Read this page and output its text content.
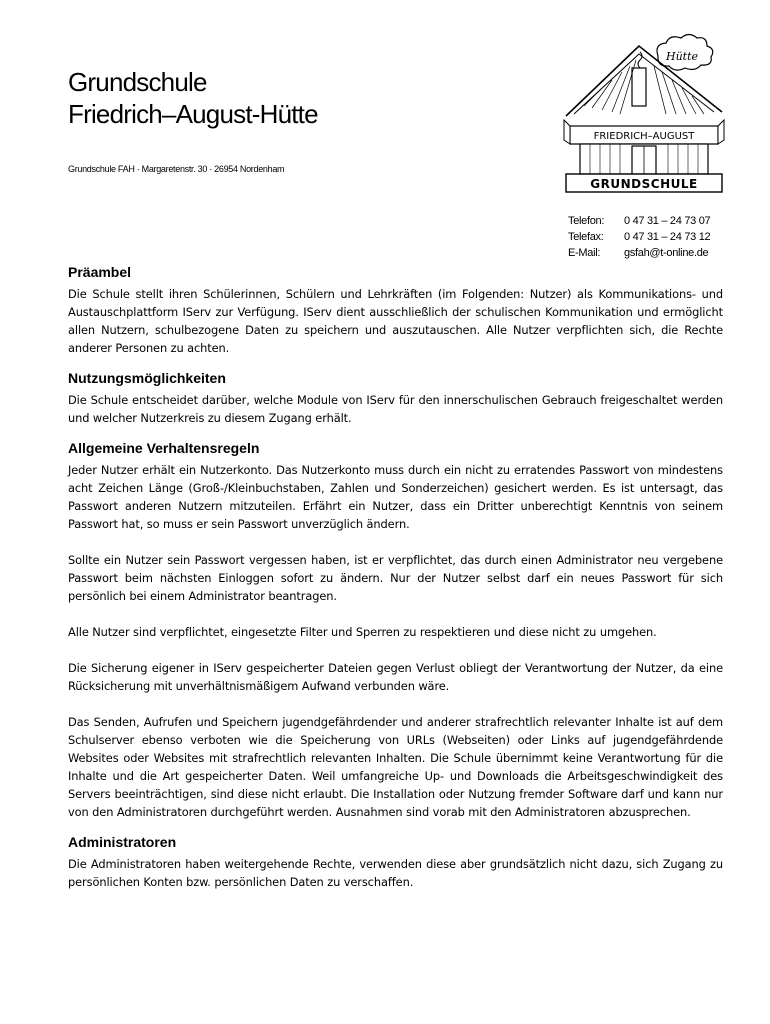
Grundschule
Friedrich–August-Hütte
Grundschule FAH · Margaretenstr. 30 · 26954 Nordenham
Hütte
FRIEDRICH–AUGUST
GRUNDSCHULE
Telefon:	0 47 31 – 24 73 07
Telefax:	0 47 31 – 24 73 12
E-Mail:	gsfah@t-online.de
Präambel

Die Schule stellt ihren Schülerinnen, Schülern und Lehrkräften (im Folgenden: Nutzer) als Kommunikations- und Austauschplattform IServ zur Verfügung. IServ dient ausschließlich der schulischen Kommunikation und ermöglicht allen Nutzern, schulbezogene Daten zu speichern und auszutauschen. Alle Nutzer verpflichten sich, die Rechte anderer Personen zu achten.

Nutzungsmöglichkeiten

Die Schule entscheidet darüber, welche Module von IServ für den innerschulischen Gebrauch freigeschaltet werden und welcher Nutzerkreis zu diesem Zugang erhält.

Allgemeine Verhaltensregeln

Jeder Nutzer erhält ein Nutzerkonto. Das Nutzerkonto muss durch ein nicht zu erratendes Passwort von mindestens acht Zeichen Länge (Groß-/Kleinbuchstaben, Zahlen und Sonderzeichen) gesichert werden. Es ist untersagt, das Passwort anderen Nutzern mitzuteilen. Erfährt ein Nutzer, dass ein Dritter unberechtigt Kenntnis von seinem Passwort hat, so muss er sein Passwort unverzüglich ändern.

Sollte ein Nutzer sein Passwort vergessen haben, ist er verpflichtet, das durch einen Administrator neu vergebene Passwort beim nächsten Einloggen sofort zu ändern. Nur der Nutzer selbst darf ein neues Passwort für sich persönlich bei einem Administrator beantragen.

Alle Nutzer sind verpflichtet, eingesetzte Filter und Sperren zu respektieren und diese nicht zu umgehen.

Die Sicherung eigener in IServ gespeicherter Dateien gegen Verlust obliegt der Verantwortung der Nutzer, da eine Rücksicherung mit unverhältnismäßigem Aufwand verbunden wäre.

Das Senden, Aufrufen und Speichern jugendgefährdender und anderer strafrechtlich relevanter Inhalte ist auf dem Schulserver ebenso verboten wie die Speicherung von URLs (Webseiten) oder Links auf jugendgefährdende Websites oder Websites mit strafrechtlich relevanten Inhalten. Die Schule übernimmt keine Verantwortung für die Inhalte und die Art gespeicherter Daten. Weil umfangreiche Up- und Downloads die Arbeitsgeschwindigkeit des Servers beeinträchtigen, sind diese nicht erlaubt. Die Installation oder Nutzung fremder Software darf und kann nur von den Administratoren durchgeführt werden. Ausnahmen sind vorab mit den Administratoren abzusprechen.

Administratoren

Die Administratoren haben weitergehende Rechte, verwenden diese aber grundsätzlich nicht dazu, sich Zugang zu persönlichen Konten bzw. persönlichen Daten zu verschaffen.
